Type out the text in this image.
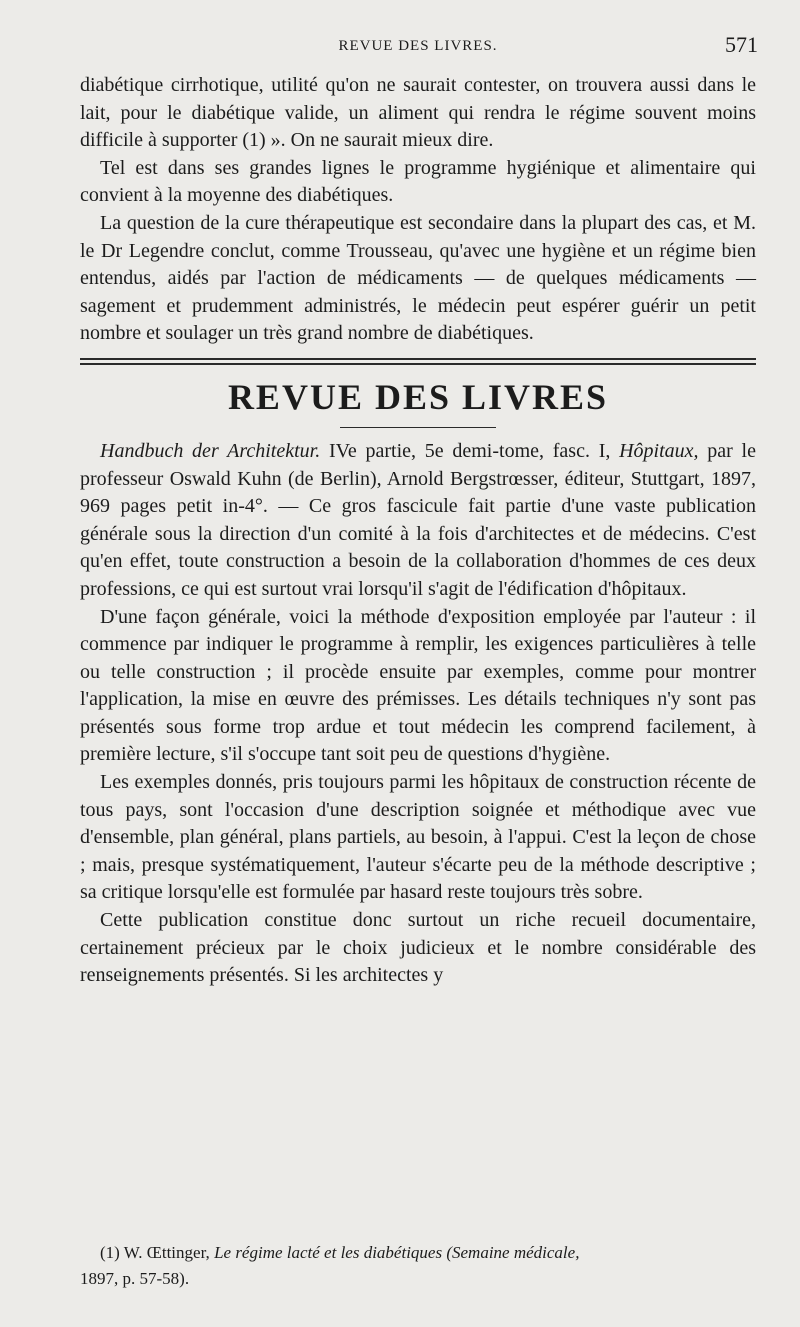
REVUE DES LIVRES.	571

diabétique cirrhotique, utilité qu'on ne saurait contester, on trouvera aussi dans le lait, pour le diabétique valide, un aliment qui rendra le régime souvent moins difficile à supporter (1) ». On ne saurait mieux dire.

Tel est dans ses grandes lignes le programme hygiénique et alimentaire qui convient à la moyenne des diabétiques.

La question de la cure thérapeutique est secondaire dans la plupart des cas, et M. le Dr Legendre conclut, comme Trousseau, qu'avec une hygiène et un régime bien entendus, aidés par l'action de médicaments — de quelques médicaments — sagement et prudemment administrés, le médecin peut espérer guérir un petit nombre et soulager un très grand nombre de diabétiques.

REVUE DES LIVRES

Handbuch der Architektur. IVe partie, 5e demi-tome, fasc. I, Hôpitaux, par le professeur Oswald Kuhn (de Berlin), Arnold Bergstrœsser, éditeur, Stuttgart, 1897, 969 pages petit in-4°. — Ce gros fascicule fait partie d'une vaste publication générale sous la direction d'un comité à la fois d'architectes et de médecins. C'est qu'en effet, toute construction a besoin de la collaboration d'hommes de ces deux professions, ce qui est surtout vrai lorsqu'il s'agit de l'édification d'hôpitaux.

D'une façon générale, voici la méthode d'exposition employée par l'auteur : il commence par indiquer le programme à remplir, les exigences particulières à telle ou telle construction ; il procède ensuite par exemples, comme pour montrer l'application, la mise en œuvre des prémisses. Les détails techniques n'y sont pas présentés sous forme trop ardue et tout médecin les comprend facilement, à première lecture, s'il s'occupe tant soit peu de questions d'hygiène.

Les exemples donnés, pris toujours parmi les hôpitaux de construction récente de tous pays, sont l'occasion d'une description soignée et méthodique avec vue d'ensemble, plan général, plans partiels, au besoin, à l'appui. C'est la leçon de chose ; mais, presque systématiquement, l'auteur s'écarte peu de la méthode descriptive ; sa critique lorsqu'elle est formulée par hasard reste toujours très sobre.

Cette publication constitue donc surtout un riche recueil documentaire, certainement précieux par le choix judicieux et le nombre considérable des renseignements présentés. Si les architectes y

(1) W. Œttinger, Le régime lacté et les diabétiques (Semaine médicale,
1897, p. 57-58).
